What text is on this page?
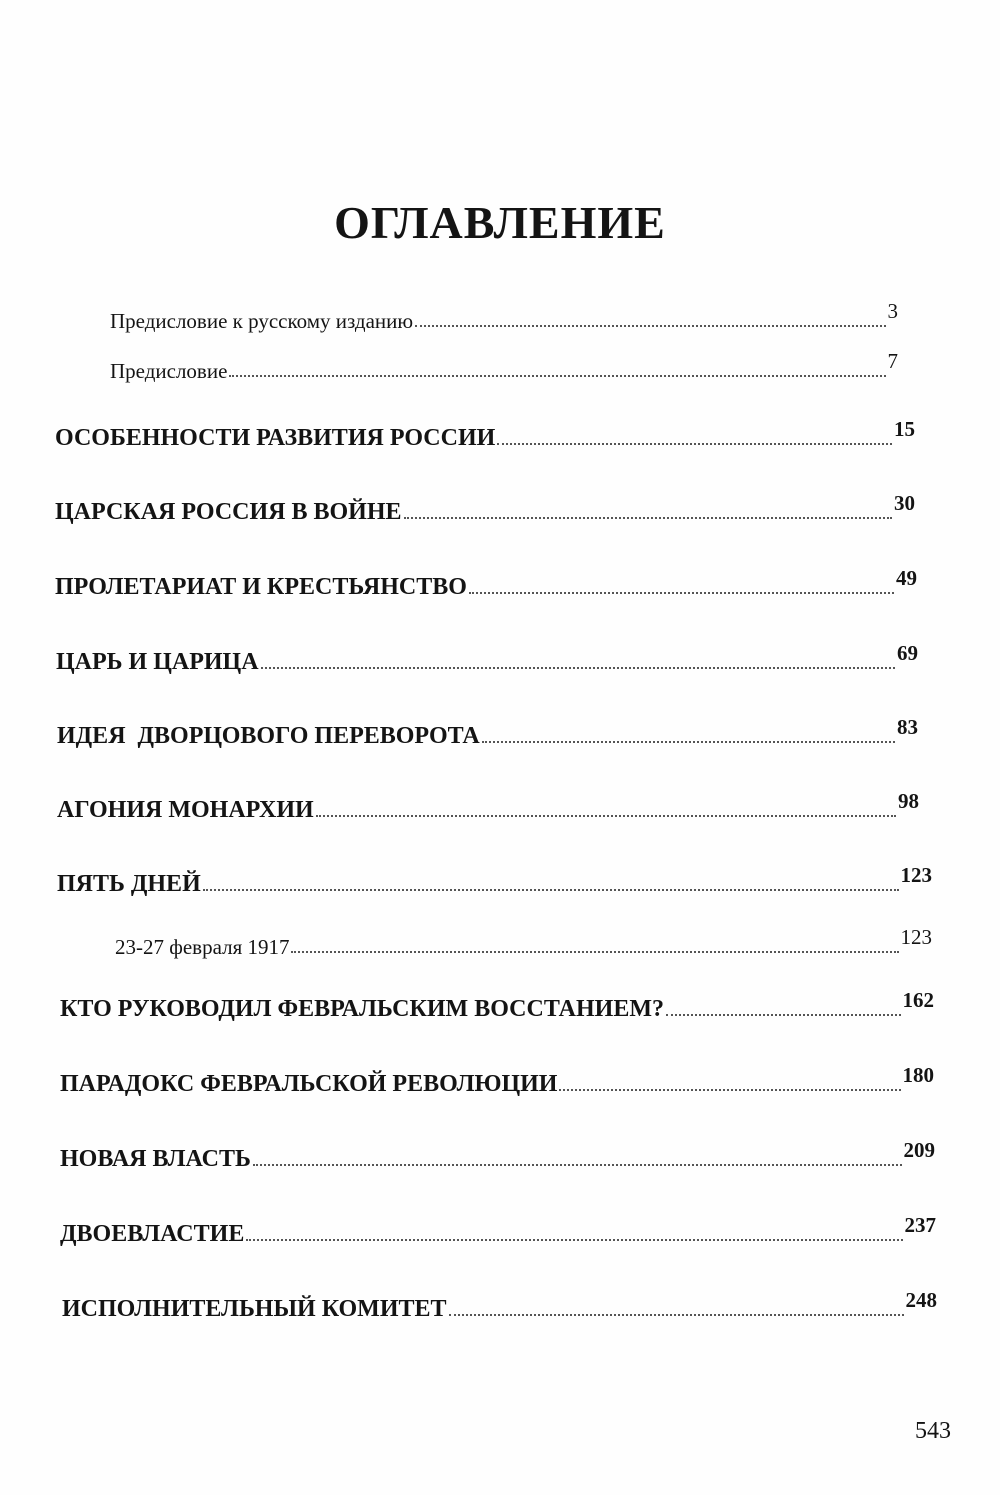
ОГЛАВЛЕНИЕ
Предисловие к русскому изданию	3
Предисловие	7
ОСОБЕННОСТИ РАЗВИТИЯ РОССИИ	15
ЦАРСКАЯ РОССИЯ В ВОЙНЕ	30
ПРОЛЕТАРИАТ И КРЕСТЬЯНСТВО	49
ЦАРЬ И ЦАРИЦА	69
ИДЕЯ  ДВОРЦОВОГО ПЕРЕВОРОТА	83
АГОНИЯ МОНАРХИИ	98
ПЯТЬ ДНЕЙ	123
23-27 февраля 1917	123
КТО РУКОВОДИЛ ФЕВРАЛЬСКИМ ВОССТАНИЕМ?	162
ПАРАДОКС ФЕВРАЛЬСКОЙ РЕВОЛЮЦИИ	180
НОВАЯ ВЛАСТЬ	209
ДВОЕВЛАСТИЕ	237
ИСПОЛНИТЕЛЬНЫЙ КОМИТЕТ	248
543
